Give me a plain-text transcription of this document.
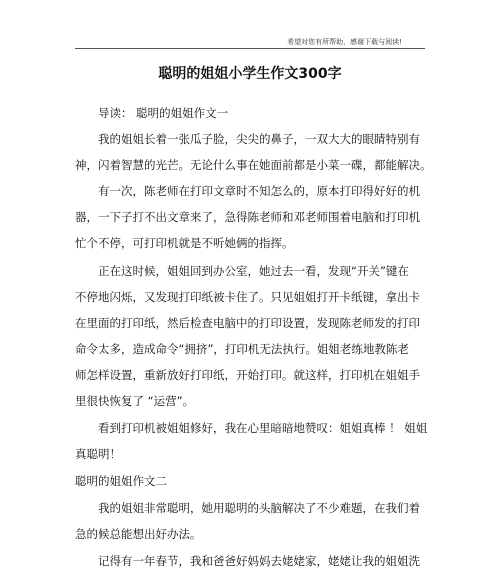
希望对您有所帮助，感谢下载与阅读!
聪明的姐姐小学生作文300字
导读： 聪明的姐姐作文一
我的姐姐长着一张瓜子脸，尖尖的鼻子，一双大大的眼睛特别有
神，闪着智慧的光芒。无论什么事在她面前都是小菜一碟，都能解决。
有一次，陈老师在打印文章时不知怎么的，原本打印得好好的机
器，一下子打不出文章来了，急得陈老师和邓老师围着电脑和打印机
忙个不停，可打印机就是不听她俩的指挥。
正在这时候，姐姐回到办公室，她过去一看，发现“开关”键在
不停地闪烁，又发现打印纸被卡住了。只见姐姐打开卡纸键，拿出卡
在里面的打印纸，然后检查电脑中的打印设置，发现陈老师发的打印
命令太多，造成命令“拥挤”，打印机无法执行。姐姐老练地教陈老
师怎样设置，重新放好打印纸，开始打印。就这样，打印机在姐姐手
里很快恢复了 “运营”。
看到打印机被姐姐修好，我在心里暗暗地赞叹：姐姐真棒 ！ 姐姐
真聪明！
聪明的姐姐作文二
我的姐姐非常聪明，她用聪明的头脑解决了不少难题，在我们着
急的候总能想出好办法。
记得有一年春节，我和爸爸好妈妈去姥姥家，姥姥让我的姐姐洗
